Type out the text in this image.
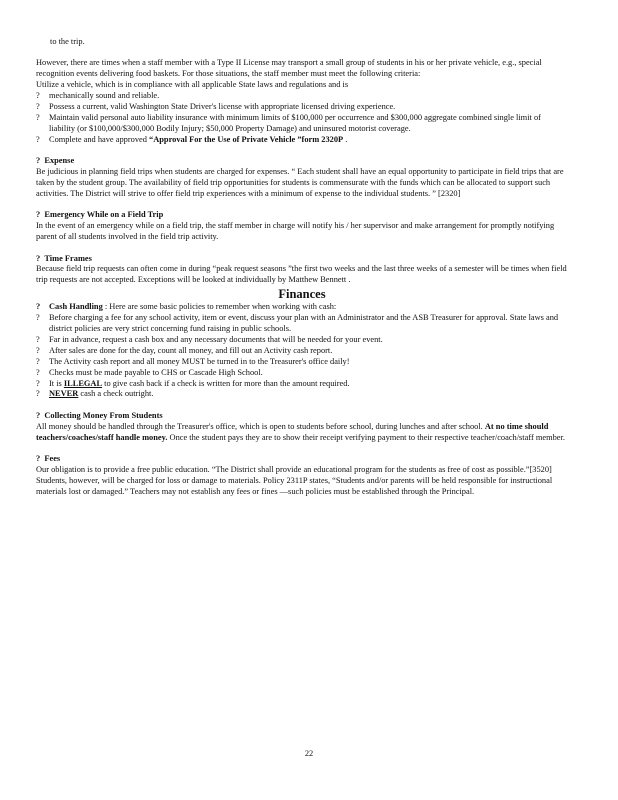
to the trip.

However, there are times when a staff member with a Type II License may transport a small group of students in his or her private vehicle, e.g., special recognition events delivering food baskets. For those situations, the staff member must meet the following criteria:

Utilize a vehicle, which is in compliance with all applicable State laws and regulations and is

? mechanically sound and reliable.

? Possess a current, valid Washington State Driver's license with appropriate licensed driving experience.

? Maintain valid personal auto liability insurance with minimum limits of $100,000 per occurrence and $300,000 aggregate combined single limit of liability (or $100,000/$300,000 Bodily Injury; $50,000 Property Damage) and uninsured motorist coverage.

? Complete and have approved “Approval For the Use of Private Vehicle ”form 2320P .

? Expense

Be judicious in planning field trips when students are charged for expenses. “ Each student shall have an equal opportunity to participate in field trips that are taken by the student group. The availability of field trip opportunities for students is commensurate with the funds which can be allocated to support such activities. The District will strive to offer field trip experiences with a minimum of expense to the individual students. ” [2320]

? Emergency While on a Field Trip

In the event of an emergency while on a field trip, the staff member in charge will notify his / her supervisor and make arrangement for promptly notifying parent of all students involved in the field trip activity.

? Time Frames

Because field trip requests can often come in during “peak request seasons ”the first two weeks and the last three weeks of a semester will be times when field trip requests are not accepted. Exceptions will be looked at individually by Matthew Bennett .

Finances

? Cash Handling : Here are some basic policies to remember when working with cash:

? Before charging a fee for any school activity, item or event, discuss your plan with an Administrator and the ASB Treasurer for approval. State laws and district policies are very strict concerning fund raising in public schools.

? Far in advance, request a cash box and any necessary documents that will be needed for your event.

? After sales are done for the day, count all money, and fill out an Activity cash report.

? The Activity cash report and all money MUST be turned in to the Treasurer's office daily!

? Checks must be made payable to CHS or Cascade High School.

? It is ILLEGAL to give cash back if a check is written for more than the amount required.

? NEVER cash a check outright.

? Collecting Money From Students

All money should be handled through the Treasurer's office, which is open to students before school, during lunches and after school. At no time should teachers/coaches/staff handle money. Once the student pays they are to show their receipt verifying payment to their respective teacher/coach/staff member.

? Fees

Our obligation is to provide a free public education. “The District shall provide an educational program for the students as free of cost as possible.”[3520] Students, however, will be charged for loss or damage to materials. Policy 2311P states, “Students and/or parents will be held responsible for instructional materials lost or damaged.” Teachers may not establish any fees or fines —such policies must be established through the Principal.

22
